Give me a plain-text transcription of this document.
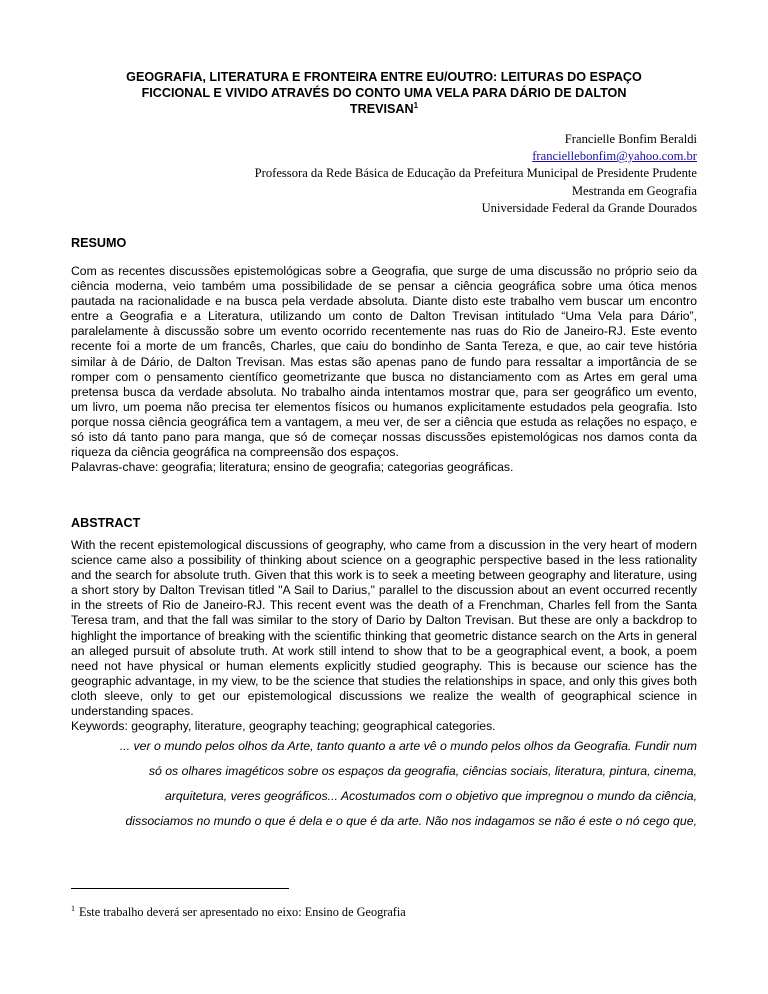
GEOGRAFIA, LITERATURA E FRONTEIRA ENTRE EU/OUTRO: LEITURAS DO ESPAÇO FICCIONAL E VIVIDO ATRAVÉS DO CONTO UMA VELA PARA DÁRIO DE DALTON TREVISAN$^1$
Francielle Bonfim Beraldi
franciellebonfim@yahoo.com.br
Professora da Rede Básica de Educação da Prefeitura Municipal de Presidente Prudente
Mestranda em Geografia
Universidade Federal da Grande Dourados
RESUMO

Com as recentes discussões epistemológicas sobre a Geografia, que surge de uma discussão no próprio seio da ciência moderna, veio também uma possibilidade de se pensar a ciência geográfica sobre uma ótica menos pautada na racionalidade e na busca pela verdade absoluta. Diante disto este trabalho vem buscar um encontro entre a Geografia e a Literatura, utilizando um conto de Dalton Trevisan intitulado “Uma Vela para Dário”, paralelamente à discussão sobre um evento ocorrido recentemente nas ruas do Rio de Janeiro-RJ. Este evento recente foi a morte de um francês, Charles, que caiu do bondinho de Santa Tereza, e que, ao cair teve história similar à de Dário, de Dalton Trevisan. Mas estas são apenas pano de fundo para ressaltar a importância de se romper com o pensamento científico geometrizante que busca no distanciamento com as Artes em geral uma pretensa busca da verdade absoluta. No trabalho ainda intentamos mostrar que, para ser geográfico um evento, um livro, um poema não precisa ter elementos físicos ou humanos explicitamente estudados pela geografia. Isto porque nossa ciência geográfica tem a vantagem, a meu ver, de ser a ciência que estuda as relações no espaço, e só isto dá tanto pano para manga, que só de começar nossas discussões epistemológicas nos damos conta da riqueza da ciência geográfica na compreensão dos espaços.

Palavras-chave: geografia; literatura; ensino de geografia; categorias geográficas.

ABSTRACT

With the recent epistemological discussions of geography, who came from a discussion in the very heart of modern science came also a possibility of thinking about science on a geographic perspective based in the less rationality and the search for absolute truth. Given that this work is to seek a meeting between geography and literature, using a short story by Dalton Trevisan titled "A Sail to Darius," parallel to the discussion about an event occurred recently in the streets of Rio de Janeiro-RJ. This recent event was the death of a Frenchman, Charles fell from the Santa Teresa tram, and that the fall was similar to the story of Dario by Dalton Trevisan. But these are only a backdrop to highlight the importance of breaking with the scientific thinking that geometric distance search on the Arts in general an alleged pursuit of absolute truth. At work still intend to show that to be a geographical event, a book, a poem need not have physical or human elements explicitly studied geography. This is because our science has the geographic advantage, in my view, to be the science that studies the relationships in space, and only this gives both cloth sleeve, only to get our epistemological discussions we realize the wealth of geographical science in understanding spaces.

Keywords: geography, literature, geography teaching; geographical categories.

... ver o mundo pelos olhos da Arte, tanto quanto a arte vê o mundo pelos olhos da Geografia. Fundir num
só os olhares imagéticos sobre os espaços da geografia, ciências sociais, literatura, pintura, cinema,
arquitetura, veres geográficos... Acostumados com o objetivo que impregnou o mundo da ciência,
dissociamos no mundo o que é dela e o que é da arte. Não nos indagamos se não é este o nó cego que,

$^1$ Este trabalho deverá ser apresentado no eixo: Ensino de Geografia
